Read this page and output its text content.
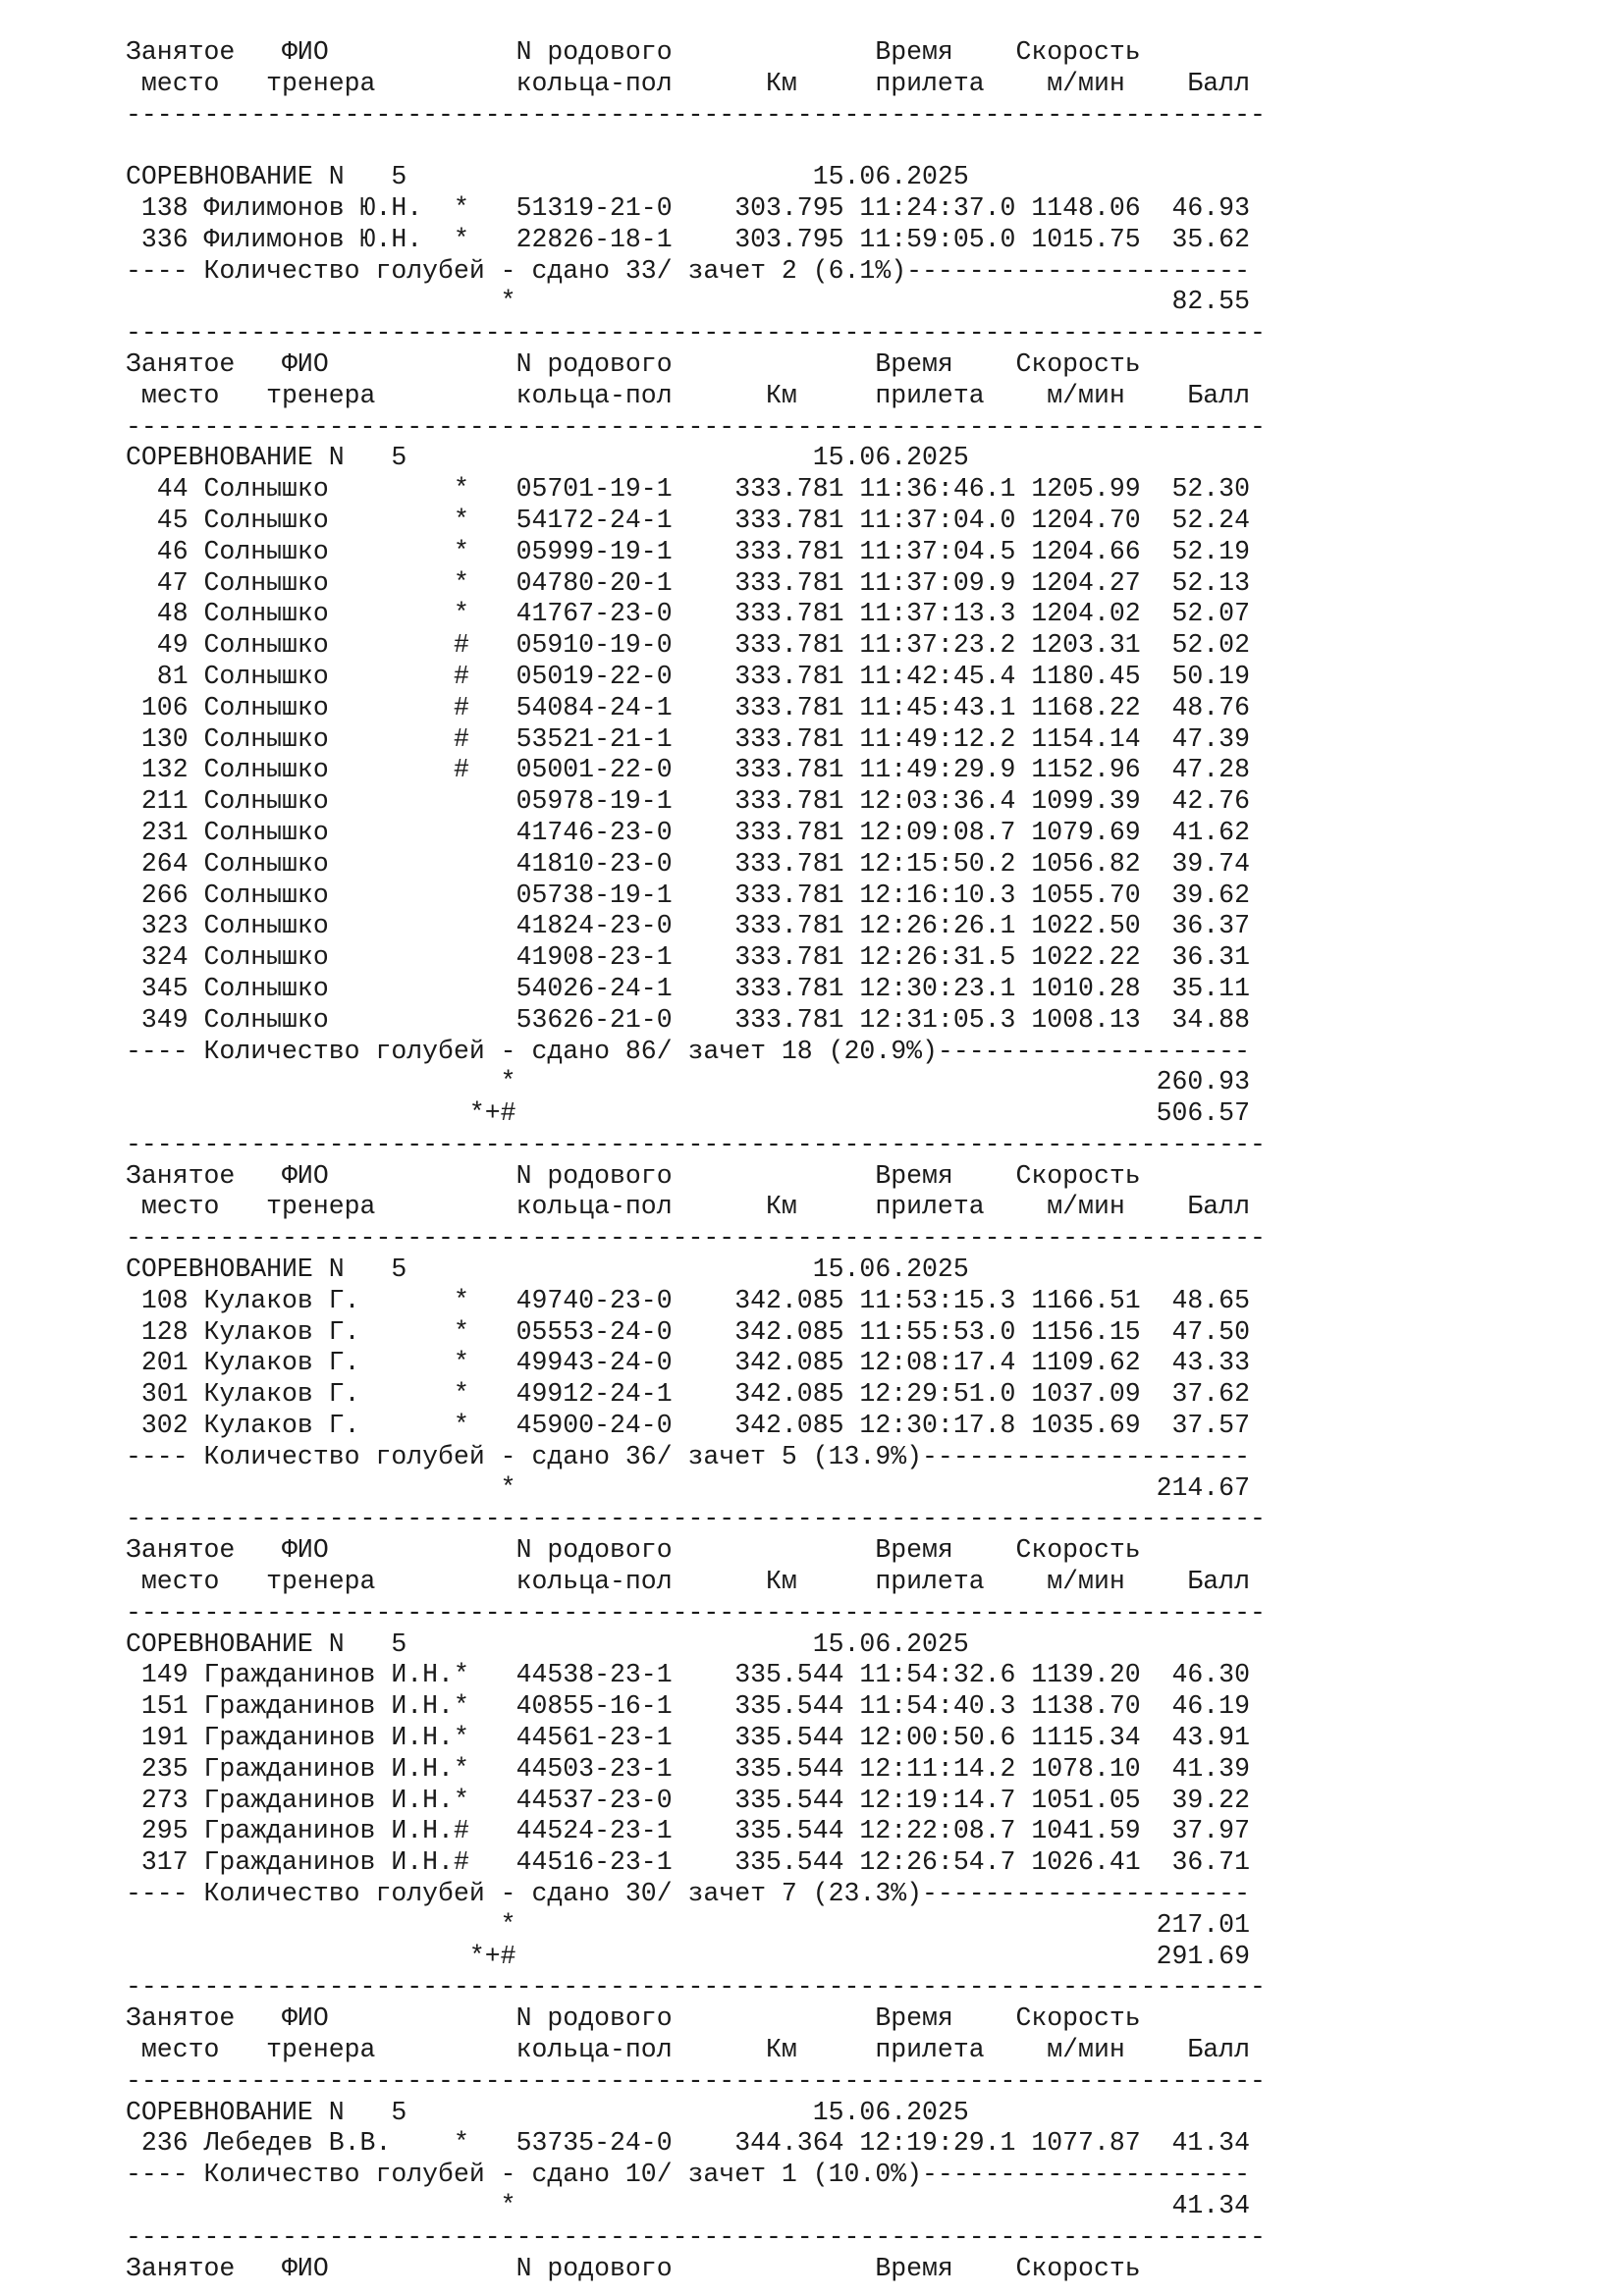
Занятое   ФИО            N родового             Время    Скорость
место   тренера         кольца-пол      Км     прилета    м/мин    Балл
-------------------------------------------------------------------------
СОРЕВНОВАНИЕ N   5                          15.06.2025
138 Филимонов Ю.Н.  *   51319-21-0    303.795 11:24:37.0 1148.06  46.93
336 Филимонов Ю.Н.  *   22826-18-1    303.795 11:59:05.0 1015.75  35.62
---- Количество голубей - сдано 33/ зачет 2 (6.1%)----------------------
*                                          82.55
-------------------------------------------------------------------------
Занятое   ФИО            N родового             Время    Скорость
место   тренера         кольца-пол      Км     прилета    м/мин    Балл
-------------------------------------------------------------------------
СОРЕВНОВАНИЕ N   5                          15.06.2025
44 Солнышко        *   05701-19-1    333.781 11:36:46.1 1205.99  52.30
45 Солнышко        *   54172-24-1    333.781 11:37:04.0 1204.70  52.24
46 Солнышко        *   05999-19-1    333.781 11:37:04.5 1204.66  52.19
47 Солнышко        *   04780-20-1    333.781 11:37:09.9 1204.27  52.13
48 Солнышко        *   41767-23-0    333.781 11:37:13.3 1204.02  52.07
49 Солнышко        #   05910-19-0    333.781 11:37:23.2 1203.31  52.02
81 Солнышко        #   05019-22-0    333.781 11:42:45.4 1180.45  50.19
106 Солнышко        #   54084-24-1    333.781 11:45:43.1 1168.22  48.76
130 Солнышко        #   53521-21-1    333.781 11:49:12.2 1154.14  47.39
132 Солнышко        #   05001-22-0    333.781 11:49:29.9 1152.96  47.28
211 Солнышко            05978-19-1    333.781 12:03:36.4 1099.39  42.76
231 Солнышко            41746-23-0    333.781 12:09:08.7 1079.69  41.62
264 Солнышко            41810-23-0    333.781 12:15:50.2 1056.82  39.74
266 Солнышко            05738-19-1    333.781 12:16:10.3 1055.70  39.62
323 Солнышко            41824-23-0    333.781 12:26:26.1 1022.50  36.37
324 Солнышко            41908-23-1    333.781 12:26:31.5 1022.22  36.31
345 Солнышко            54026-24-1    333.781 12:30:23.1 1010.28  35.11
349 Солнышко            53626-21-0    333.781 12:31:05.3 1008.13  34.88
---- Количество голубей - сдано 86/ зачет 18 (20.9%)--------------------
*                                         260.93
*+#                                         506.57
-------------------------------------------------------------------------
Занятое   ФИО            N родового             Время    Скорость
место   тренера         кольца-пол      Км     прилета    м/мин    Балл
-------------------------------------------------------------------------
СОРЕВНОВАНИЕ N   5                          15.06.2025
108 Кулаков Г.      *   49740-23-0    342.085 11:53:15.3 1166.51  48.65
128 Кулаков Г.      *   05553-24-0    342.085 11:55:53.0 1156.15  47.50
201 Кулаков Г.      *   49943-24-0    342.085 12:08:17.4 1109.62  43.33
301 Кулаков Г.      *   49912-24-1    342.085 12:29:51.0 1037.09  37.62
302 Кулаков Г.      *   45900-24-0    342.085 12:30:17.8 1035.69  37.57
---- Количество голубей - сдано 36/ зачет 5 (13.9%)---------------------
*                                         214.67
-------------------------------------------------------------------------
Занятое   ФИО            N родового             Время    Скорость
место   тренера         кольца-пол      Км     прилета    м/мин    Балл
-------------------------------------------------------------------------
СОРЕВНОВАНИЕ N   5                          15.06.2025
149 Гражданинов И.Н.*   44538-23-1    335.544 11:54:32.6 1139.20  46.30
151 Гражданинов И.Н.*   40855-16-1    335.544 11:54:40.3 1138.70  46.19
191 Гражданинов И.Н.*   44561-23-1    335.544 12:00:50.6 1115.34  43.91
235 Гражданинов И.Н.*   44503-23-1    335.544 12:11:14.2 1078.10  41.39
273 Гражданинов И.Н.*   44537-23-0    335.544 12:19:14.7 1051.05  39.22
295 Гражданинов И.Н.#   44524-23-1    335.544 12:22:08.7 1041.59  37.97
317 Гражданинов И.Н.#   44516-23-1    335.544 12:26:54.7 1026.41  36.71
---- Количество голубей - сдано 30/ зачет 7 (23.3%)---------------------
*                                         217.01
*+#                                         291.69
-------------------------------------------------------------------------
Занятое   ФИО            N родового             Время    Скорость
место   тренера         кольца-пол      Км     прилета    м/мин    Балл
-------------------------------------------------------------------------
СОРЕВНОВАНИЕ N   5                          15.06.2025
236 Лебедев В.В.    *   53735-24-0    344.364 12:19:29.1 1077.87  41.34
---- Количество голубей - сдано 10/ зачет 1 (10.0%)---------------------
*                                          41.34
-------------------------------------------------------------------------
Занятое   ФИО            N родового             Время    Скорость
